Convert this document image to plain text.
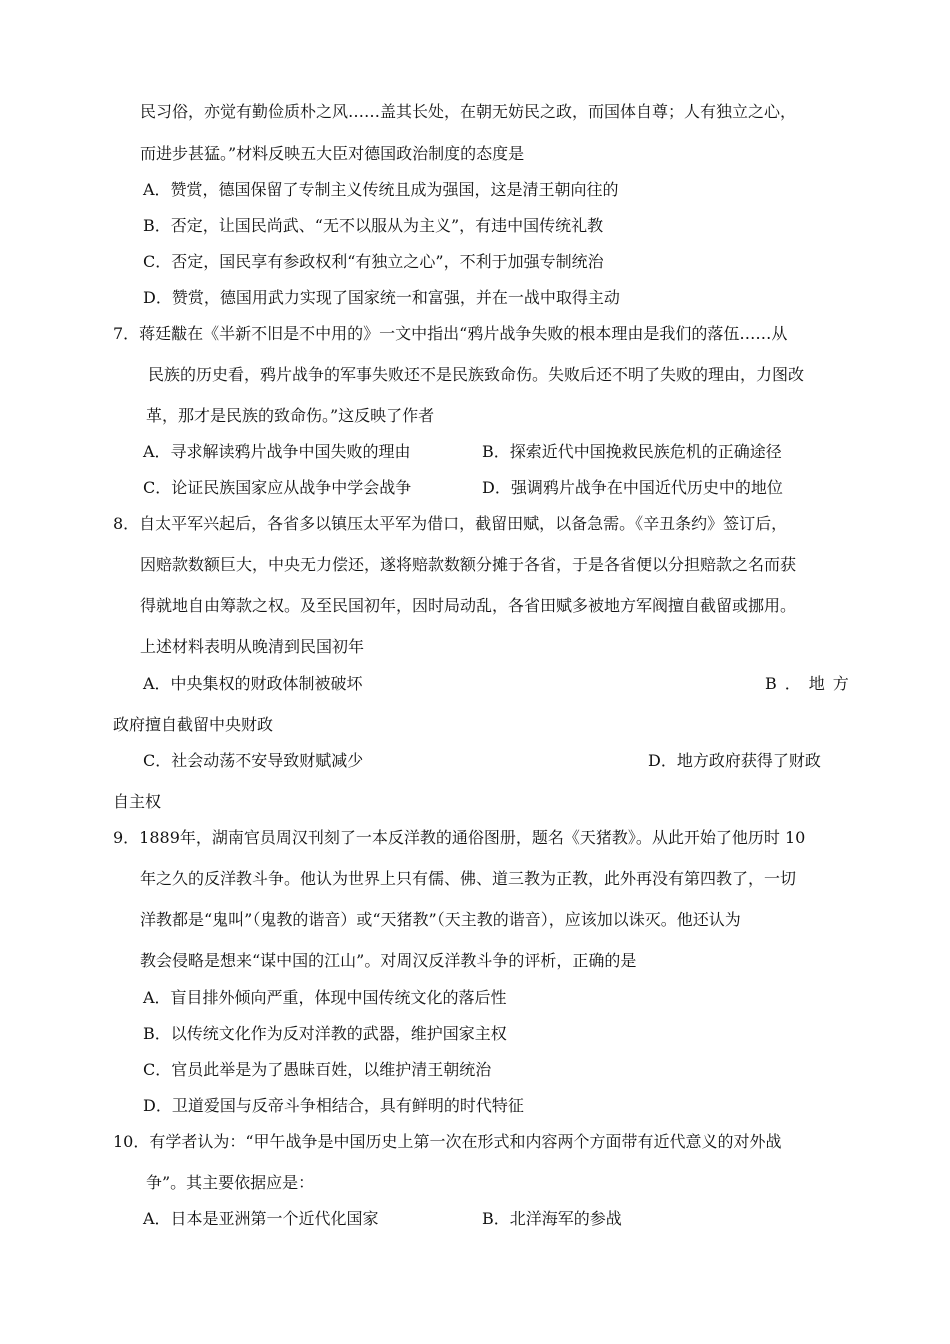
民习俗，亦觉有勤俭质朴之风……盖其长处，在朝无妨民之政，而国体自尊；人有独立之心，
而进步甚猛。”材料反映五大臣对德国政治制度的态度是
A．赞赏，德国保留了专制主义传统且成为强国，这是清王朝向往的
B．否定，让国民尚武、“无不以服从为主义”，有违中国传统礼教
C．否定，国民享有参政权利“有独立之心”，不利于加强专制统治
D．赞赏，德国用武力实现了国家统一和富强，并在一战中取得主动
7．蒋廷黻在《半新不旧是不中用的》一文中指出“鸦片战争失败的根本理由是我们的落伍……从
民族的历史看，鸦片战争的军事失败还不是民族致命伤。失败后还不明了失败的理由，力图改
革，那才是民族的致命伤。”这反映了作者
A．寻求解读鸦片战争中国失败的理由	B．探索近代中国挽救民族危机的正确途径
C．论证民族国家应从战争中学会战争	D．强调鸦片战争在中国近代历史中的地位
8．自太平军兴起后，各省多以镇压太平军为借口，截留田赋，以备急需。《辛丑条约》签订后，
因赔款数额巨大，中央无力偿还，遂将赔款数额分摊于各省，于是各省便以分担赔款之名而获
得就地自由筹款之权。及至民国初年，因时局动乱，各省田赋多被地方军阀擅自截留或挪用。
上述材料表明从晚清到民国初年
A．中央集权的财政体制被破坏	B．地方
政府擅自截留中央财政
C．社会动荡不安导致财赋减少	D．地方政府获得了财政
自主权
9．1889年，湖南官员周汉刊刻了一本反洋教的通俗图册，题名《天猪教》。从此开始了他历时 10
年之久的反洋教斗争。他认为世界上只有儒、佛、道三教为正教，此外再没有第四教了，一切
洋教都是“鬼叫”（鬼教的谐音）或“天猪教”（天主教的谐音），应该加以诛灭。他还认为
教会侵略是想来“谋中国的江山”。对周汉反洋教斗争的评析，正确的是
A．盲目排外倾向严重，体现中国传统文化的落后性
B．以传统文化作为反对洋教的武器，维护国家主权
C．官员此举是为了愚昧百姓，以维护清王朝统治
D．卫道爱国与反帝斗争相结合，具有鲜明的时代特征
10．有学者认为：“甲午战争是中国历史上第一次在形式和内容两个方面带有近代意义的对外战
争”。其主要依据应是：
A．日本是亚洲第一个近代化国家	B．北洋海军的参战
